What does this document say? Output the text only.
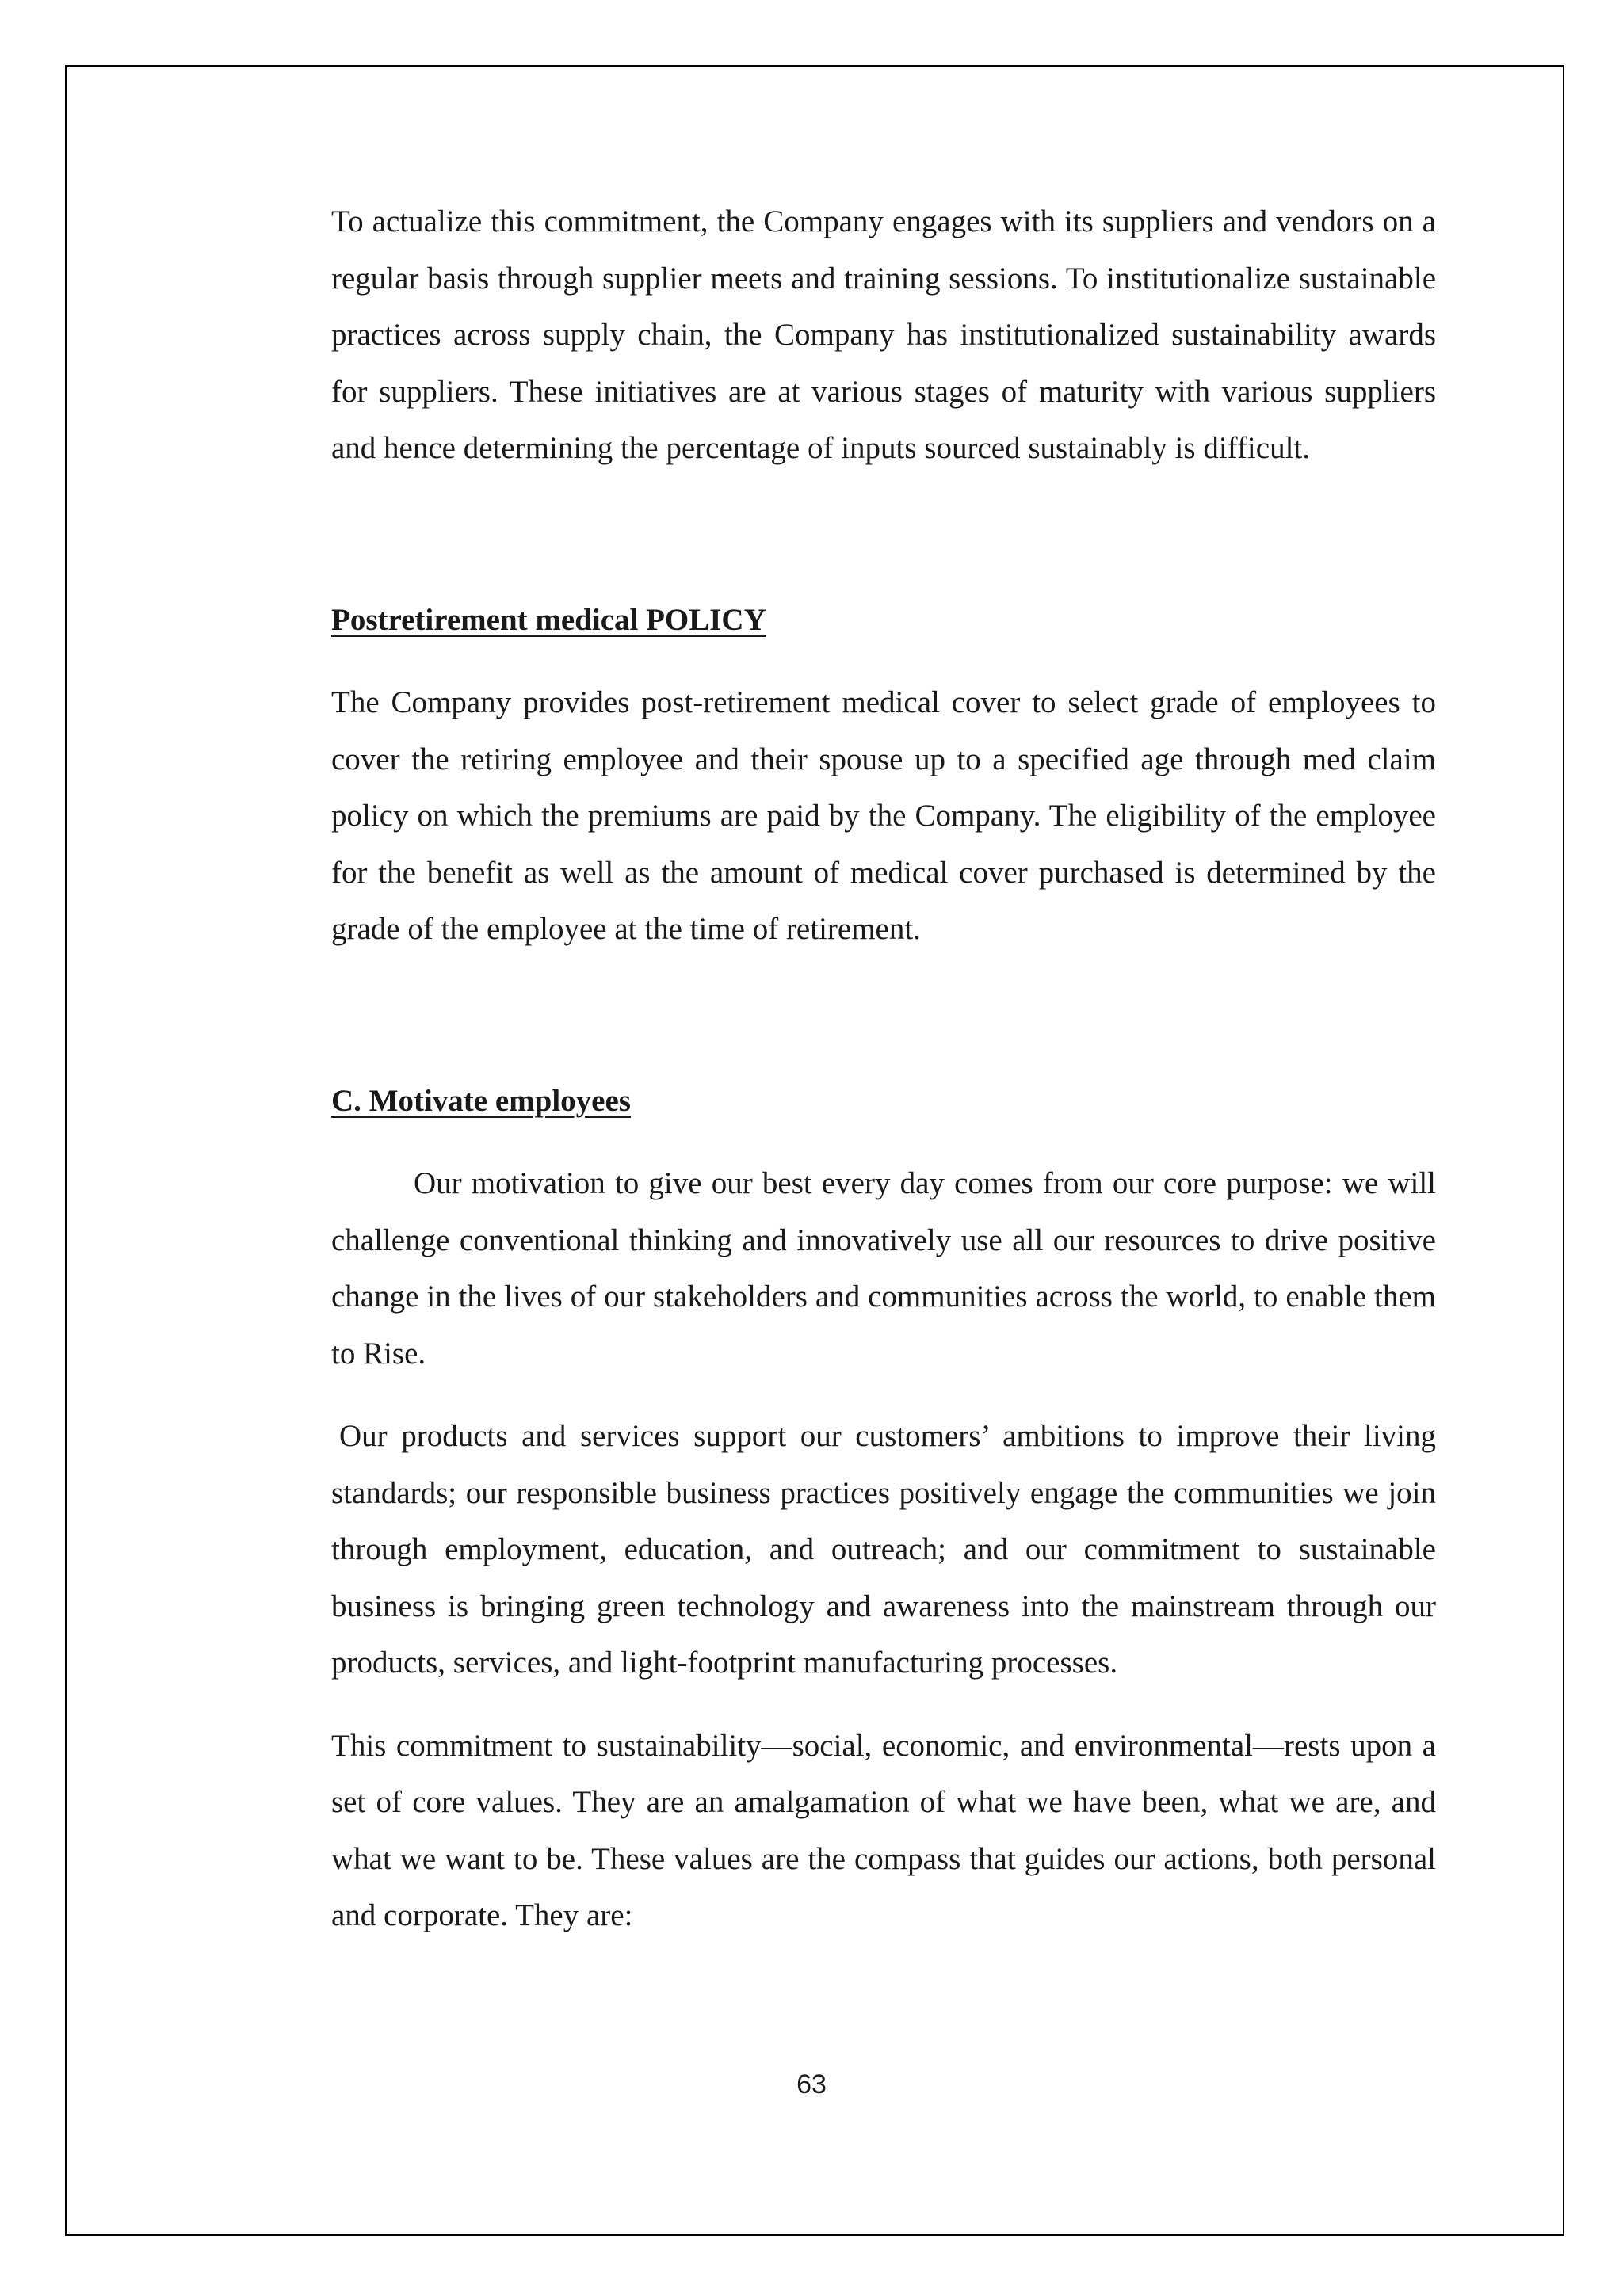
To actualize this commitment, the Company engages with its suppliers and vendors on a regular basis through supplier meets and training sessions. To institutionalize sustainable practices across supply chain, the Company has institutionalized sustainability awards for suppliers. These initiatives are at various stages of maturity with various suppliers and hence determining the percentage of inputs sourced sustainably is difficult.

Postretirement medical POLICY

The Company provides post-retirement medical cover to select grade of employees to cover the retiring employee and their spouse up to a specified age through med claim policy on which the premiums are paid by the Company. The eligibility of the employee for the benefit as well as the amount of medical cover purchased is determined by the grade of the employee at the time of retirement.

C. Motivate employees

Our motivation to give our best every day comes from our core purpose: we will challenge conventional thinking and innovatively use all our resources to drive positive change in the lives of our stakeholders and communities across the world, to enable them to Rise.

Our products and services support our customers’ ambitions to improve their living standards; our responsible business practices positively engage the communities we join through employment, education, and outreach; and our commitment to sustainable business is bringing green technology and awareness into the mainstream through our products, services, and light-footprint manufacturing processes.

This commitment to sustainability—social, economic, and environmental—rests upon a set of core values. They are an amalgamation of what we have been, what we are, and what we want to be. These values are the compass that guides our actions, both personal and corporate. They are:

63
